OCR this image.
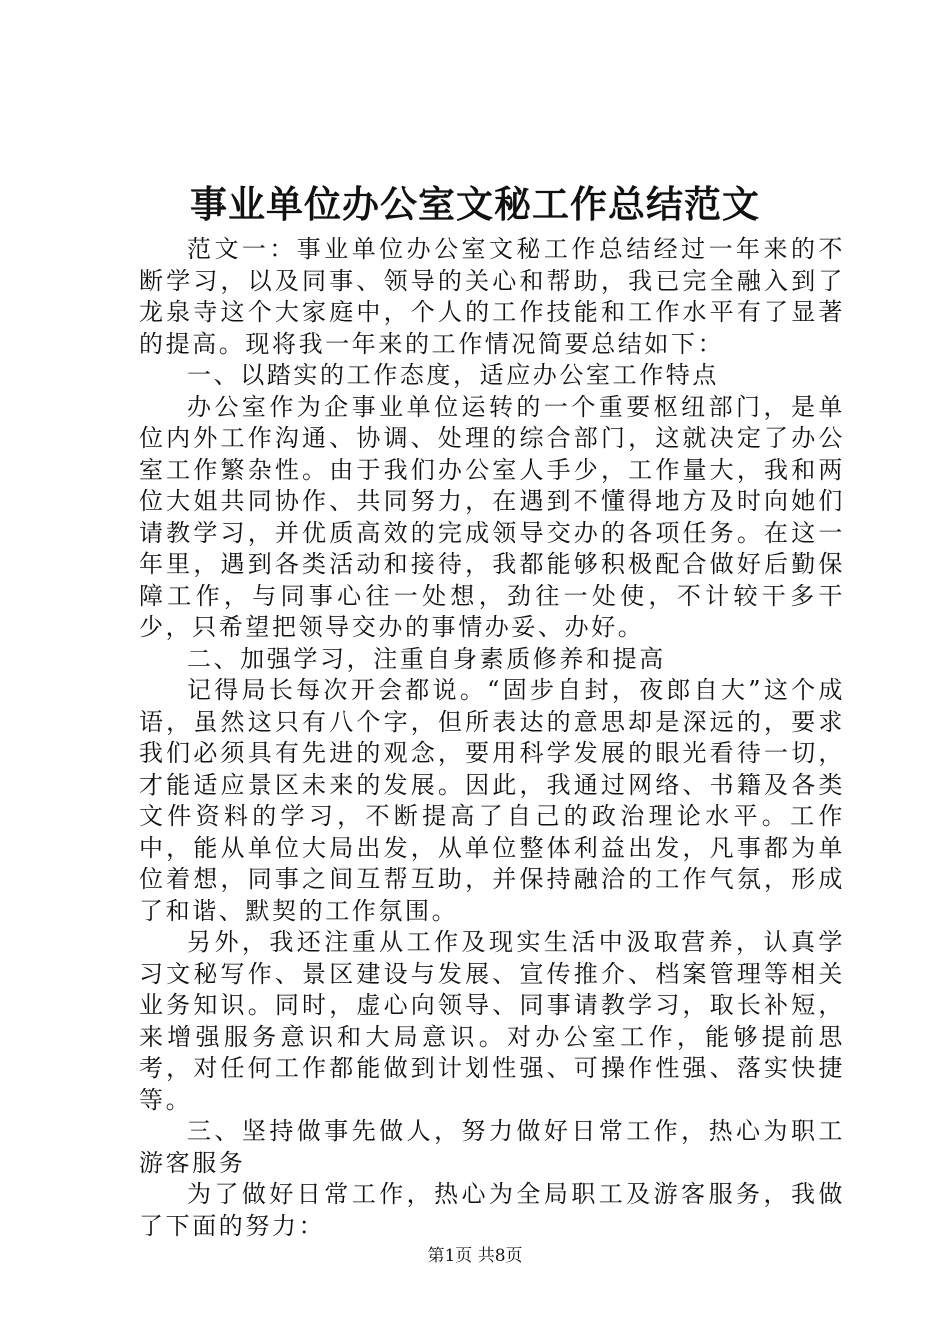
事业单位办公室文秘工作总结范文

范文一：事业单位办公室文秘工作总结经过一年来的不断学习，以及同事、领导的关心和帮助，我已完全融入到了龙泉寺这个大家庭中，个人的工作技能和工作水平有了显著的提高。现将我一年来的工作情况简要总结如下：

一、以踏实的工作态度，适应办公室工作特点

办公室作为企事业单位运转的一个重要枢纽部门，是单位内外工作沟通、协调、处理的综合部门，这就决定了办公室工作繁杂性。由于我们办公室人手少，工作量大，我和两位大姐共同协作、共同努力，在遇到不懂得地方及时向她们请教学习，并优质高效的完成领导交办的各项任务。在这一年里，遇到各类活动和接待，我都能够积极配合做好后勤保障工作，与同事心往一处想，劲往一处使，不计较干多干少，只希望把领导交办的事情办妥、办好。

二、加强学习，注重自身素质修养和提高

记得局长每次开会都说。“固步自封，夜郎自大”这个成语，虽然这只有八个字，但所表达的意思却是深远的，要求我们必须具有先进的观念，要用科学发展的眼光看待一切，才能适应景区未来的发展。因此，我通过网络、书籍及各类文件资料的学习，不断提高了自己的政治理论水平。工作中，能从单位大局出发，从单位整体利益出发，凡事都为单位着想，同事之间互帮互助，并保持融洽的工作气氛，形成了和谐、默契的工作氛围。

另外，我还注重从工作及现实生活中汲取营养，认真学习文秘写作、景区建设与发展、宣传推介、档案管理等相关业务知识。同时，虚心向领导、同事请教学习，取长补短，来增强服务意识和大局意识。对办公室工作，能够提前思考，对任何工作都能做到计划性强、可操作性强、落实快捷等。

三、坚持做事先做人，努力做好日常工作，热心为职工游客服务

为了做好日常工作，热心为全局职工及游客服务，我做了下面的努力：

第1页 共8页
